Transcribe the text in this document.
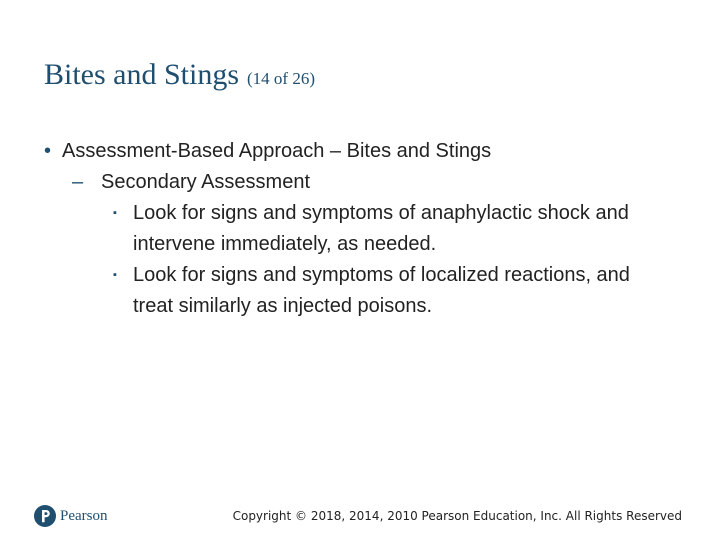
Bites and Stings (14 of 26)
• Assessment-Based Approach – Bites and Stings
– Secondary Assessment
▪ Look for signs and symptoms of anaphylactic shock and intervene immediately, as needed.
▪ Look for signs and symptoms of localized reactions, and treat similarly as injected poisons.
Pearson	Copyright © 2018, 2014, 2010 Pearson Education, Inc. All Rights Reserved
